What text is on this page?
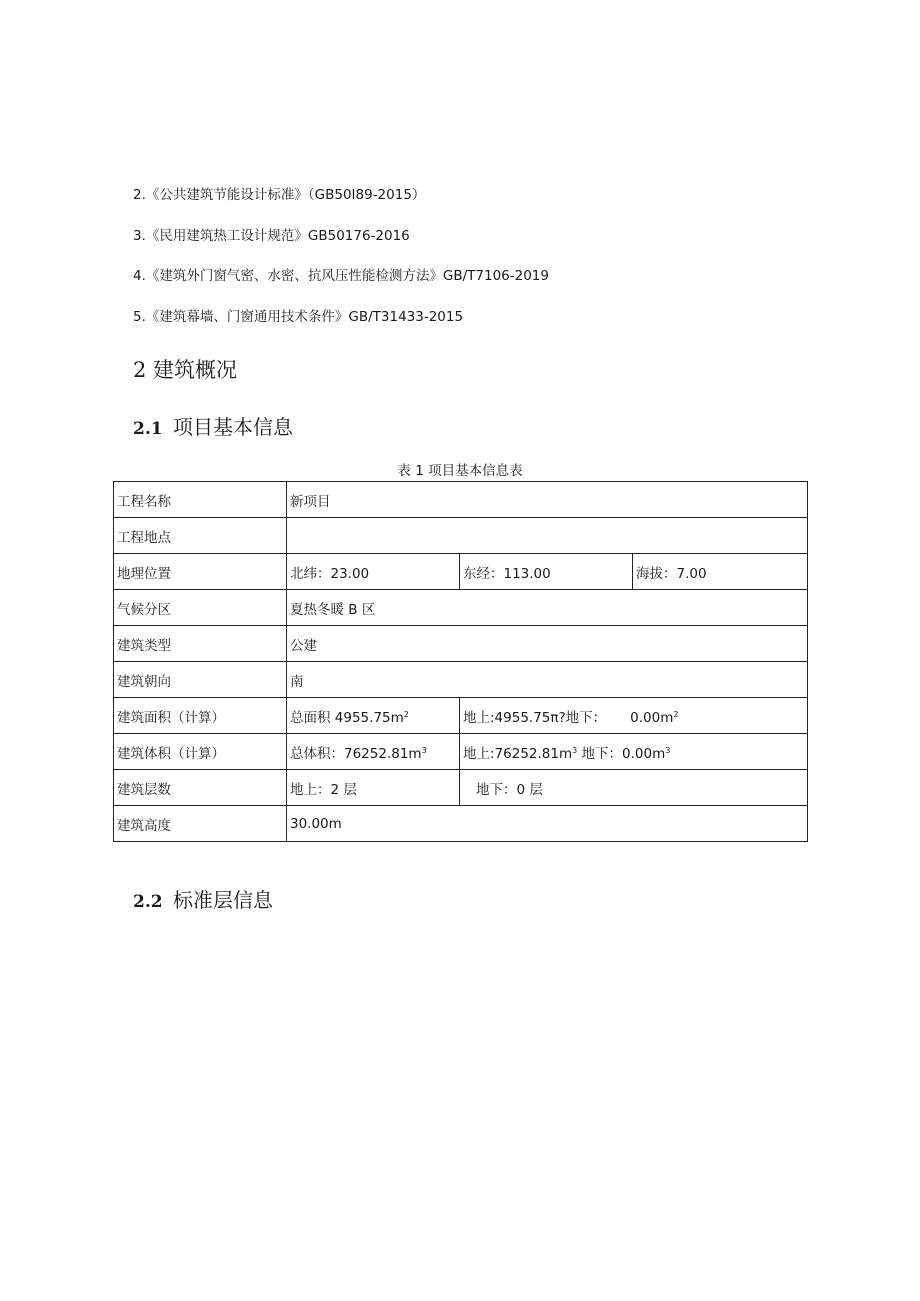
2.《公共建筑节能设计标准》（GB50I89-2015）
3.《民用建筑热工设计规范》GB50176-2016
4.《建筑外门窗气密、水密、抗风压性能检测方法》GB/T7106-2019
5.《建筑幕墙、门窗通用技术条件》GB/T31433-2015
2 建筑概况
2.1 项目基本信息
表 1 项目基本信息表
工程名称	新项目		
工程地点			
地理位置	北纬：23.00	东经：113.00	海拔：7.00
气候分区	夏热冬暖 B 区		
建筑类型	公建		
建筑朝向	南		
建筑面积（计算）	总面积 $4955.75m^2$	地上:4955.75π?地下： $0.00m^2$
建筑体积（计算）	总体积：$76252.81m^3$	地上$:76252.81m^3$ 地下：$0.00m^3$
建筑层数	地上：2 层	地下：0 层	
建筑高度	30.00m		
2.2 标准层信息
